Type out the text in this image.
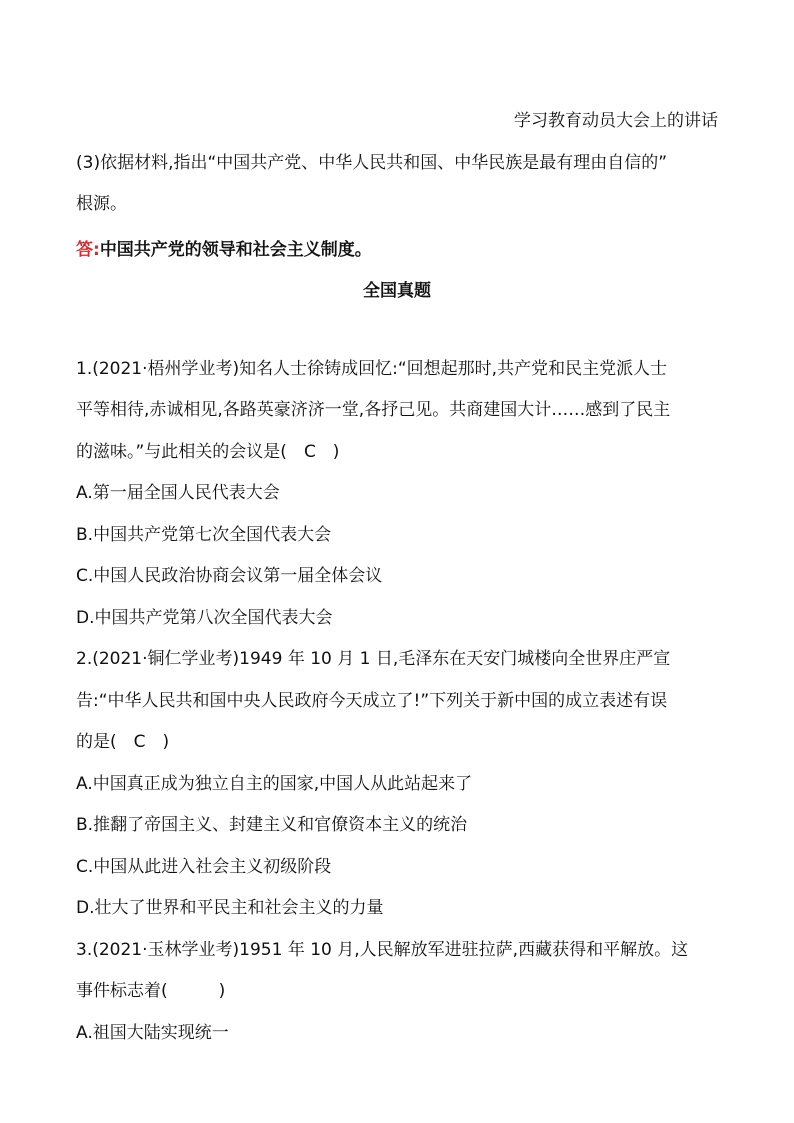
学习教育动员大会上的讲话

(3)依据材料,指出“中国共产党、中华人民共和国、中华民族是最有理由自信的”

根源。

答:中国共产党的领导和社会主义制度。

全国真题

1.(2021·梧州学业考)知名人士徐铸成回忆:“回想起那时,共产党和民主党派人士

平等相待,赤诚相见,各路英豪济济一堂,各抒己见。共商建国大计……感到了民主

的滋味。”与此相关的会议是(　C　)

A.第一届全国人民代表大会

B.中国共产党第七次全国代表大会

C.中国人民政治协商会议第一届全体会议

D.中国共产党第八次全国代表大会

2.(2021·铜仁学业考)1949 年 10 月 1 日,毛泽东在天安门城楼向全世界庄严宣

告:“中华人民共和国中央人民政府今天成立了!”下列关于新中国的成立表述有误

的是(　C　)

A.中国真正成为独立自主的国家,中国人从此站起来了

B.推翻了帝国主义、封建主义和官僚资本主义的统治

C.中国从此进入社会主义初级阶段

D.壮大了世界和平民主和社会主义的力量

3.(2021·玉林学业考)1951 年 10 月,人民解放军进驻拉萨,西藏获得和平解放。这

事件标志着(　　　)

A.祖国大陆实现统一
